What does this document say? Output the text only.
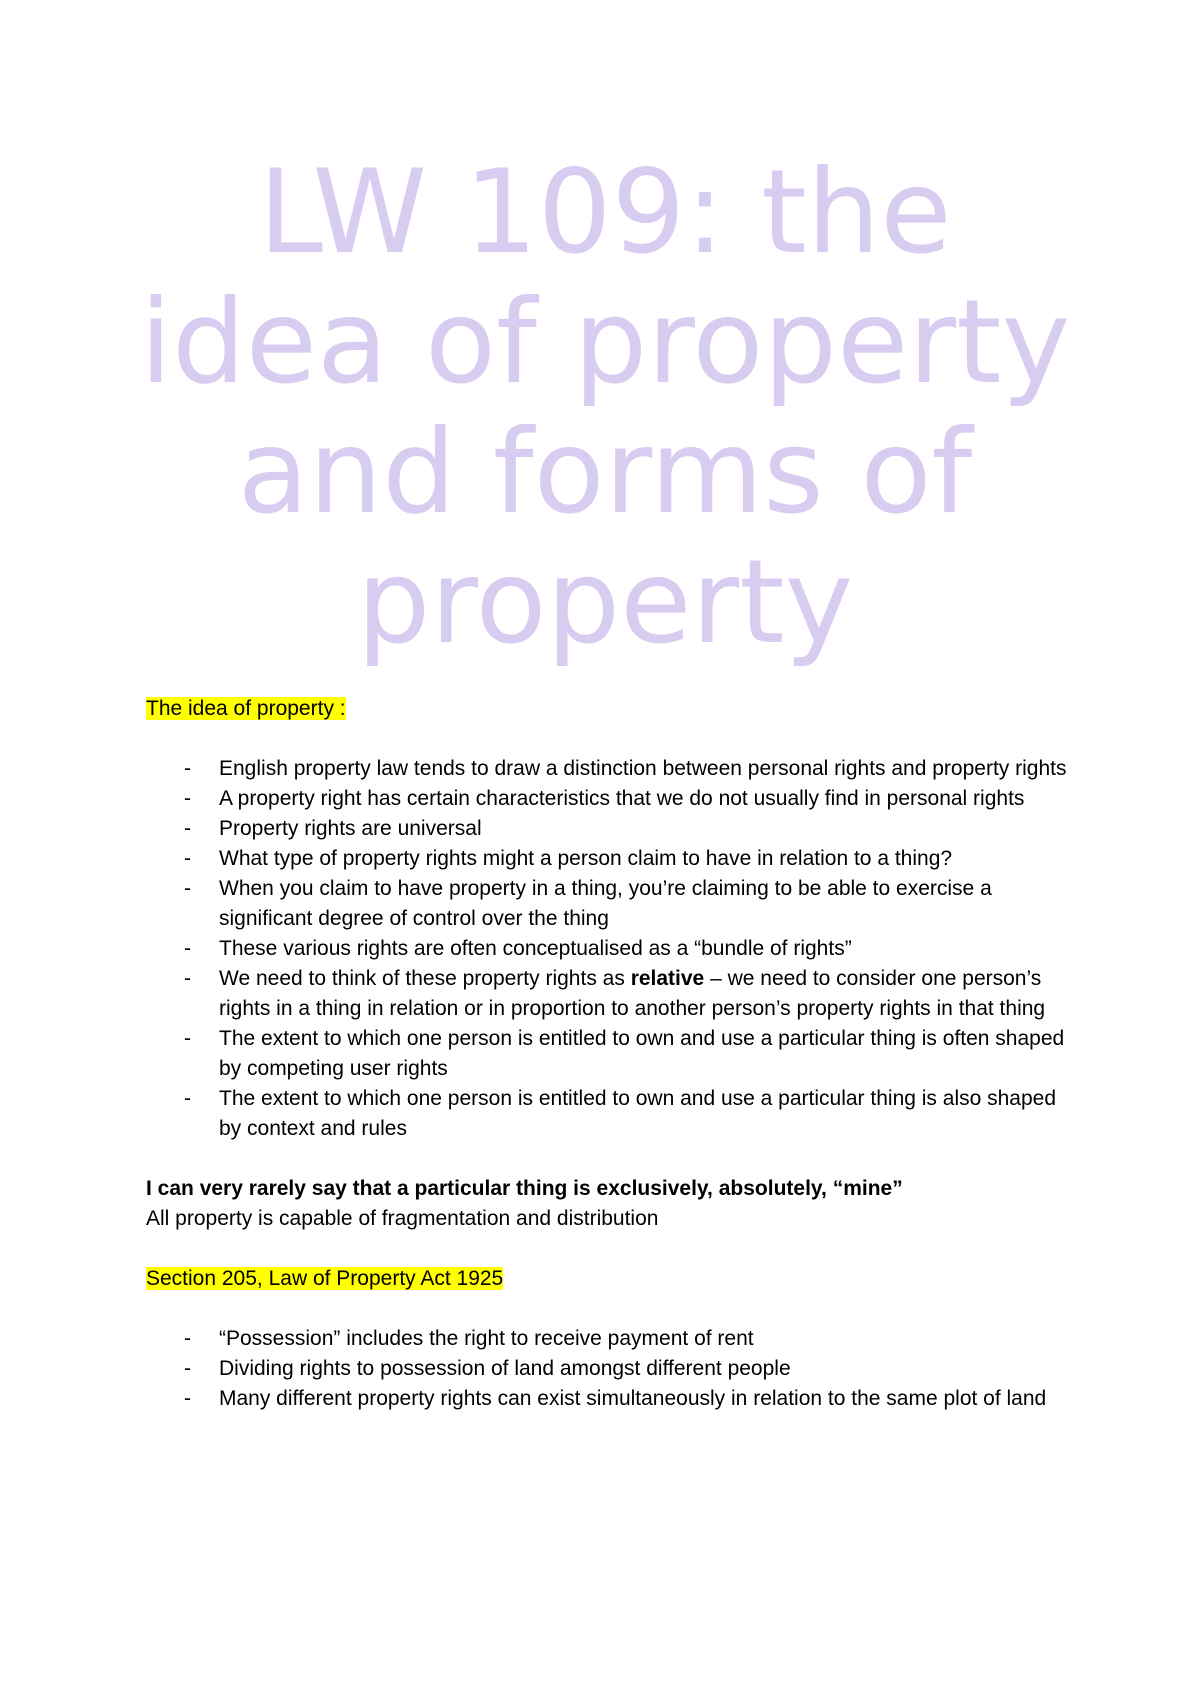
LW 109: the
idea of property
and forms of
property
The idea of property :
- English property law tends to draw a distinction between personal rights and property rights
- A property right has certain characteristics that we do not usually find in personal rights
- Property rights are universal
- What type of property rights might a person claim to have in relation to a thing?
- When you claim to have property in a thing, you’re claiming to be able to exercise a significant degree of control over the thing
- These various rights are often conceptualised as a “bundle of rights”
- We need to think of these property rights as relative – we need to consider one person’s rights in a thing in relation or in proportion to another person’s property rights in that thing
- The extent to which one person is entitled to own and use a particular thing is often shaped by competing user rights
- The extent to which one person is entitled to own and use a particular thing is also shaped by context and rules

I can very rarely say that a particular thing is exclusively, absolutely, “mine”

All property is capable of fragmentation and distribution

Section 205, Law of Property Act 1925
- “Possession” includes the right to receive payment of rent
- Dividing rights to possession of land amongst different people
- Many different property rights can exist simultaneously in relation to the same plot of land
